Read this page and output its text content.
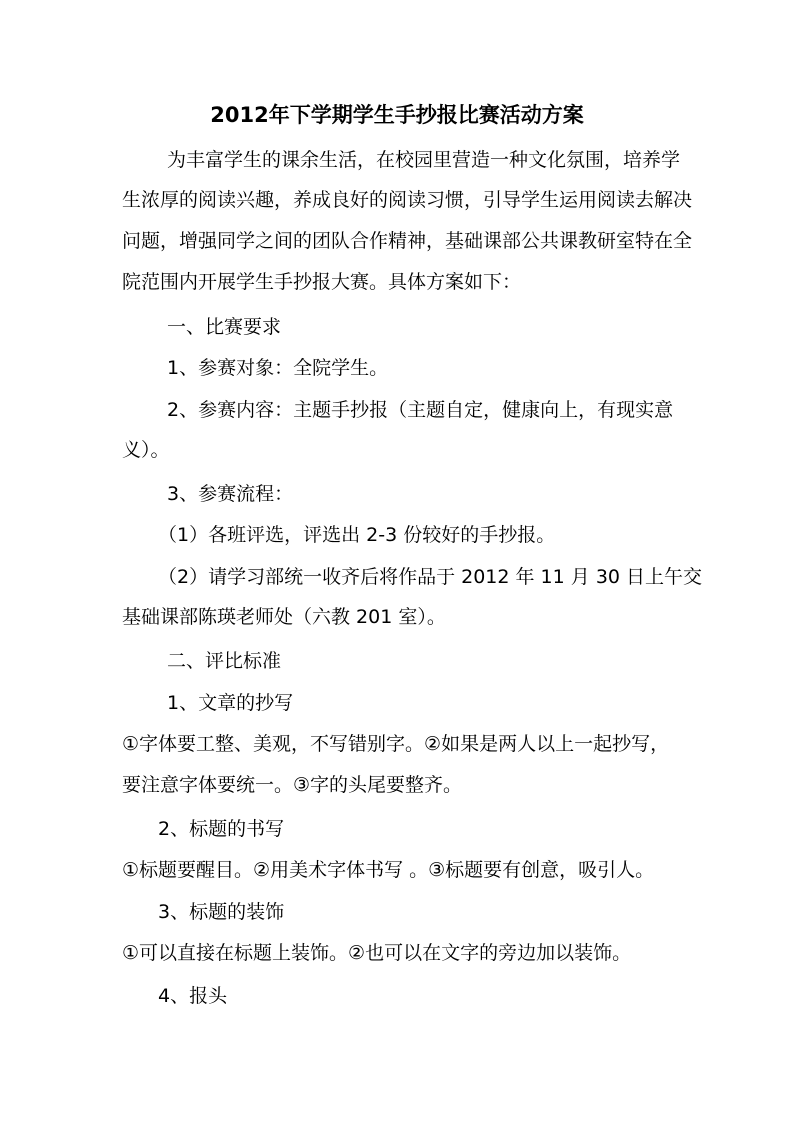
2012年下学期学生手抄报比赛活动方案
为丰富学生的课余生活，在校园里营造一种文化氛围，培养学
生浓厚的阅读兴趣，养成良好的阅读习惯，引导学生运用阅读去解决
问题，增强同学之间的团队合作精神，基础课部公共课教研室特在全
院范围内开展学生手抄报大赛。具体方案如下：
一、比赛要求
1、参赛对象：全院学生。
2、参赛内容：主题手抄报（主题自定，健康向上，有现实意
义）。
3、参赛流程：
（1）各班评选，评选出 2-3 份较好的手抄报。
（2）请学习部统一收齐后将作品于 2012 年 11 月 30 日上午交
基础课部陈瑛老师处（六教 201 室）。
二、评比标准
1、文章的抄写
①字体要工整、美观，不写错别字。②如果是两人以上一起抄写，
要注意字体要统一。③字的头尾要整齐。
2、标题的书写
①标题要醒目。②用美术字体书写 。③标题要有创意，吸引人。
3、标题的装饰
①可以直接在标题上装饰。②也可以在文字的旁边加以装饰。
4、报头
